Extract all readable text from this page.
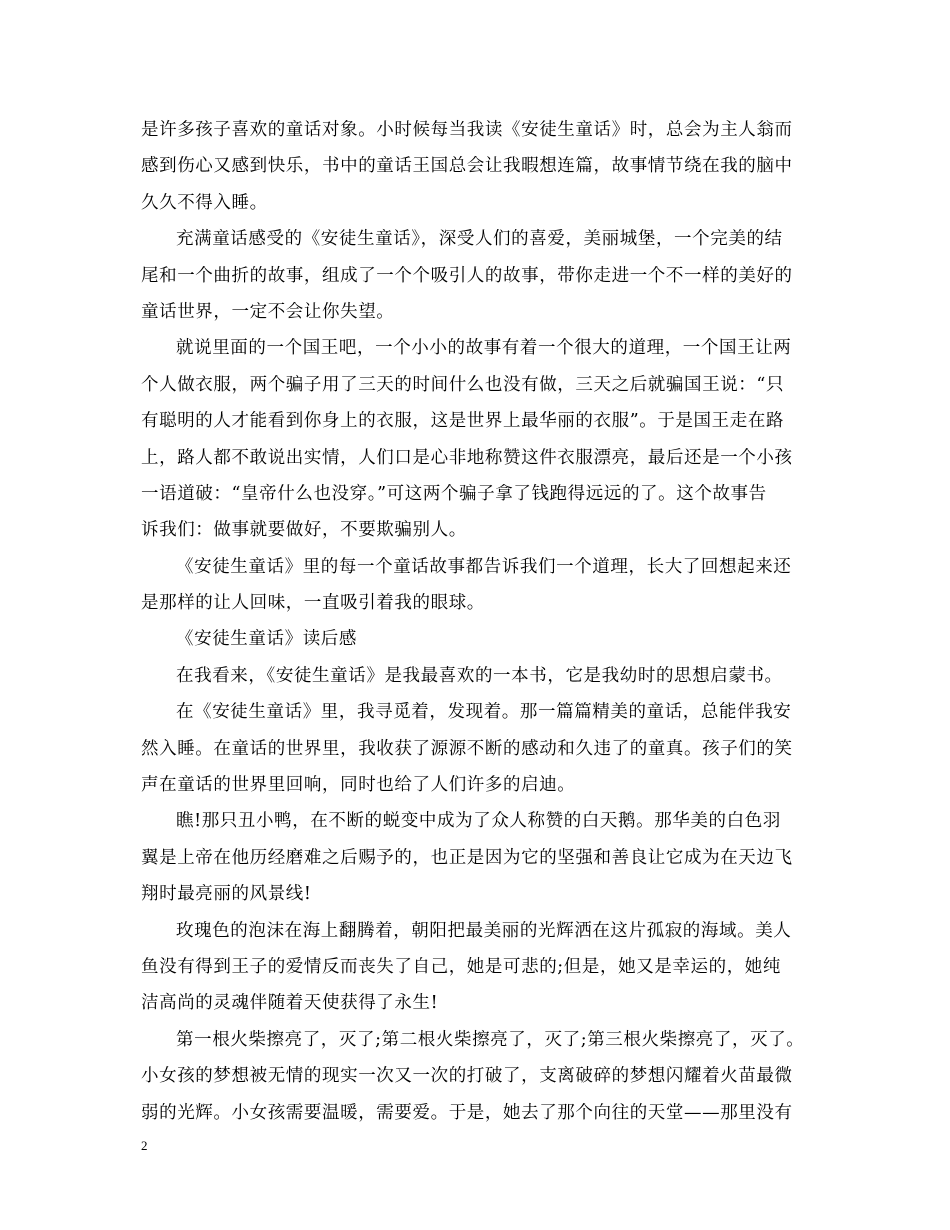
是许多孩子喜欢的童话对象。小时候每当我读《安徒生童话》时，总会为主人翁而
感到伤心又感到快乐，书中的童话王国总会让我暇想连篇，故事情节绕在我的脑中
久久不得入睡。
充满童话感受的《安徒生童话》，深受人们的喜爱，美丽城堡，一个完美的结
尾和一个曲折的故事，组成了一个个吸引人的故事，带你走进一个不一样的美好的
童话世界，一定不会让你失望。
就说里面的一个国王吧，一个小小的故事有着一个很大的道理，一个国王让两
个人做衣服，两个骗子用了三天的时间什么也没有做，三天之后就骗国王说：“只
有聪明的人才能看到你身上的衣服，这是世界上最华丽的衣服”。于是国王走在路
上，路人都不敢说出实情，人们口是心非地称赞这件衣服漂亮，最后还是一个小孩
一语道破：“皇帝什么也没穿。”可这两个骗子拿了钱跑得远远的了。这个故事告
诉我们：做事就要做好，不要欺骗别人。
《安徒生童话》里的每一个童话故事都告诉我们一个道理，长大了回想起来还
是那样的让人回味，一直吸引着我的眼球。
《安徒生童话》读后感
在我看来，《安徒生童话》是我最喜欢的一本书，它是我幼时的思想启蒙书。
在《安徒生童话》里，我寻觅着，发现着。那一篇篇精美的童话，总能伴我安
然入睡。在童话的世界里，我收获了源源不断的感动和久违了的童真。孩子们的笑
声在童话的世界里回响，同时也给了人们许多的启迪。
瞧!那只丑小鸭，在不断的蜕变中成为了众人称赞的白天鹅。那华美的白色羽
翼是上帝在他历经磨难之后赐予的，也正是因为它的坚强和善良让它成为在天边飞
翔时最亮丽的风景线!
玫瑰色的泡沫在海上翻腾着，朝阳把最美丽的光辉洒在这片孤寂的海域。美人
鱼没有得到王子的爱情反而丧失了自己，她是可悲的;但是，她又是幸运的，她纯
洁高尚的灵魂伴随着天使获得了永生!
第一根火柴擦亮了，灭了;第二根火柴擦亮了，灭了;第三根火柴擦亮了，灭了。
小女孩的梦想被无情的现实一次又一次的打破了，支离破碎的梦想闪耀着火苗最微
弱的光辉。小女孩需要温暖，需要爱。于是，她去了那个向往的天堂——那里没有
2
